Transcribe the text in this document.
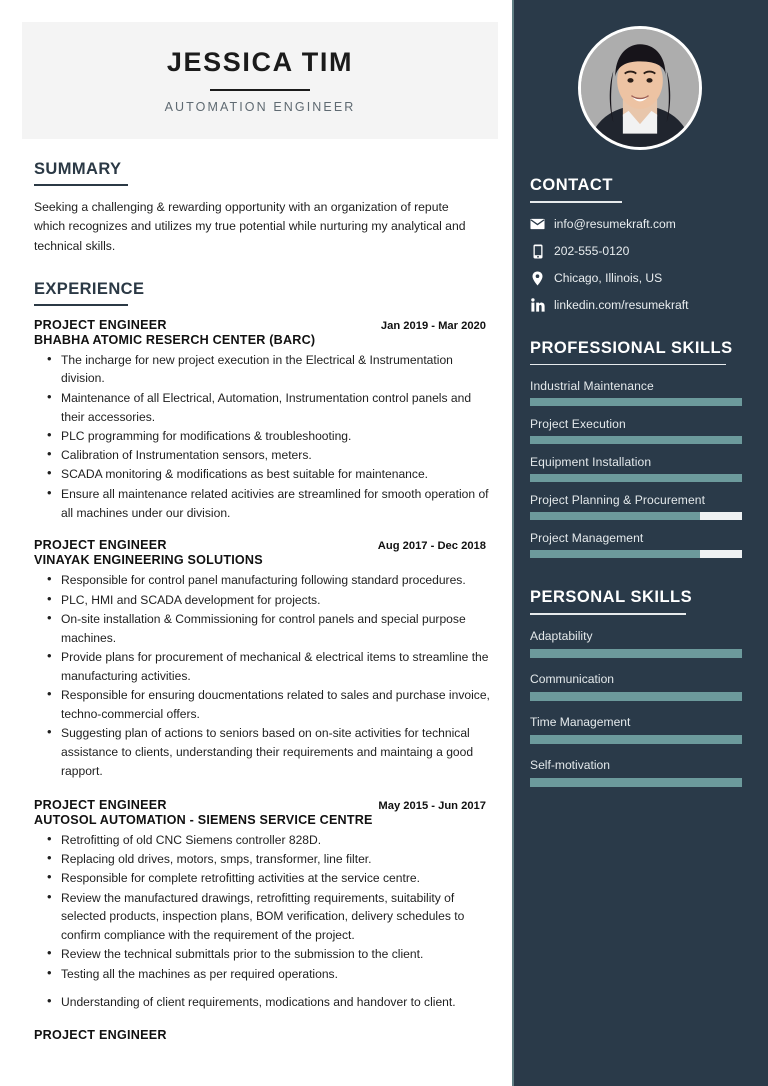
JESSICA TIM
AUTOMATION ENGINEER
SUMMARY
Seeking a challenging & rewarding opportunity with an organization of repute which recognizes and utilizes my true potential while nurturing my analytical and technical skills.
EXPERIENCE
PROJECT ENGINEER	Jan 2019 - Mar 2020
BHABHA ATOMIC RESERCH CENTER (BARC)
• The incharge for new project execution in the Electrical & Instrumentation division.
• Maintenance of all Electrical, Automation, Instrumentation control panels and their accessories.
• PLC programming for modifications & troubleshooting.
• Calibration of Instrumentation sensors, meters.
• SCADA monitoring & modifications as best suitable for maintenance.
• Ensure all maintenance related acitivies are streamlined for smooth operation of all machines under our division.
PROJECT ENGINEER	Aug 2017 - Dec 2018
VINAYAK ENGINEERING SOLUTIONS
• Responsible for control panel manufacturing following standard procedures.
• PLC, HMI and SCADA development for projects.
• On-site installation & Commissioning for control panels and special purpose machines.
• Provide plans for procurement of mechanical & electrical items to streamline the manufacturing activities.
• Responsible for ensuring doucmentations related to sales and purchase invoice, techno-commercial offers.
• Suggesting plan of actions to seniors based on on-site activities for technical assistance to clients, understanding their requirements and maintaing a good rapport.
PROJECT ENGINEER	May 2015 - Jun 2017
AUTOSOL AUTOMATION - SIEMENS SERVICE CENTRE
• Retrofitting of old CNC Siemens controller 828D.
• Replacing old drives, motors, smps, transformer, line filter.
• Responsible for complete retrofitting activities at the service centre.
• Review the manufactured drawings, retrofitting requirements, suitability of selected products, inspection plans, BOM verification, delivery schedules to confirm compliance with the requirement of the project.
• Review the technical submittals prior to the submission to the client.
• Testing all the machines as per required operations.
• Understanding of client requirements, modications and handover to client.
PROJECT ENGINEER
CONTACT
info@resumekraft.com
202-555-0120
Chicago, Illinois, US
linkedin.com/resumekraft
PROFESSIONAL SKILLS
Industrial Maintenance
Project Execution
Equipment Installation
Project Planning & Procurement
Project Management
PERSONAL SKILLS
Adaptability
Communication
Time Management
Self-motivation
